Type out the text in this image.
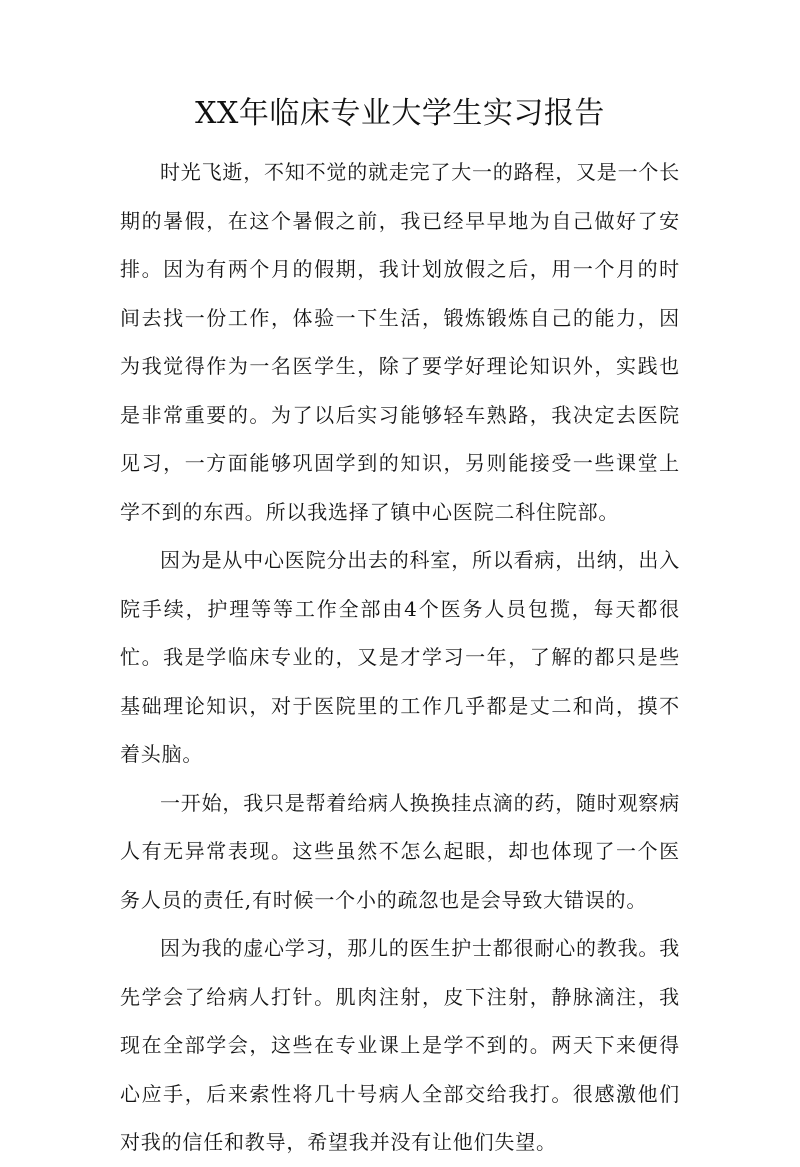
XX年临床专业大学生实习报告

时光飞逝，不知不觉的就走完了大一的路程，又是一个长期的暑假，在这个暑假之前，我已经早早地为自己做好了安排。因为有两个月的假期，我计划放假之后，用一个月的时间去找一份工作，体验一下生活，锻炼锻炼自己的能力，因为我觉得作为一名医学生，除了要学好理论知识外，实践也是非常重要的。为了以后实习能够轻车熟路，我决定去医院见习，一方面能够巩固学到的知识，另则能接受一些课堂上学不到的东西。所以我选择了镇中心医院二科住院部。

因为是从中心医院分出去的科室，所以看病，出纳，出入院手续，护理等等工作全部由4个医务人员包揽，每天都很忙。我是学临床专业的，又是才学习一年，了解的都只是些基础理论知识，对于医院里的工作几乎都是丈二和尚，摸不着头脑。

一开始，我只是帮着给病人换换挂点滴的药，随时观察病人有无异常表现。这些虽然不怎么起眼，却也体现了一个医务人员的责任,有时候一个小的疏忽也是会导致大错误的。

因为我的虚心学习，那儿的医生护士都很耐心的教我。我先学会了给病人打针。肌肉注射，皮下注射，静脉滴注，我现在全部学会，这些在专业课上是学不到的。两天下来便得心应手，后来索性将几十号病人全部交给我打。很感激他们对我的信任和教导，希望我并没有让他们失望。
